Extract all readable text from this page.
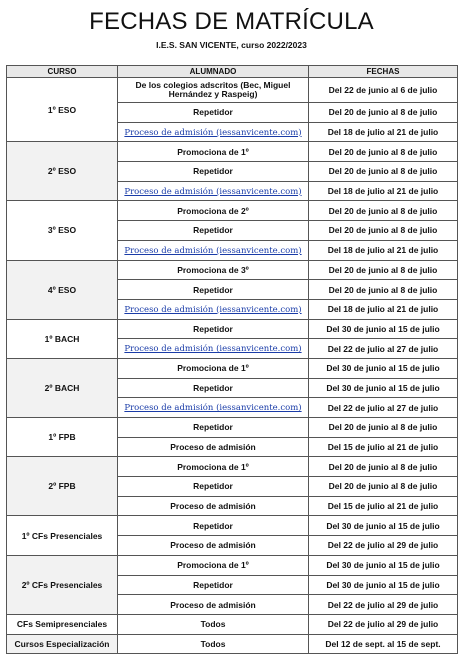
FECHAS DE MATRÍCULA
I.E.S. SAN VICENTE, curso 2022/2023
CURSO	ALUMNADO	FECHAS
1º ESO	De los colegios adscritos (Bec, Miguel Hernández y Raspeig)	Del 22 de junio al 6 de julio
	Repetidor	Del 20 de junio al 8 de julio
	Proceso de admisión (iessanvicente.com)	Del 18 de julio al 21 de julio
2º ESO	Promociona de 1º	Del 20 de junio al 8 de julio
	Repetidor	Del 20 de junio al 8 de julio
	Proceso de admisión (iessanvicente.com)	Del 18 de julio al 21 de julio
3º ESO	Promociona de 2º	Del 20 de junio al 8 de julio
	Repetidor	Del 20 de junio al 8 de julio
	Proceso de admisión (iessanvicente.com)	Del 18 de julio al 21 de julio
4º ESO	Promociona de 3º	Del 20 de junio al 8 de julio
	Repetidor	Del 20 de junio al 8 de julio
	Proceso de admisión (iessanvicente.com)	Del 18 de julio al 21 de julio
1º BACH	Repetidor	Del 30 de junio al 15 de julio
	Proceso de admisión (iessanvicente.com)	Del 22 de julio al 27 de julio
2º BACH	Promociona de 1º	Del 30 de junio al 15 de julio
	Repetidor	Del 30 de junio al 15 de julio
	Proceso de admisión (iessanvicente.com)	Del 22 de julio al 27 de julio
1º FPB	Repetidor	Del 20 de junio al 8 de julio
	Proceso de admisión	Del 15 de julio al 21 de julio
2º FPB	Promociona de 1º	Del 20 de junio al 8 de julio
	Repetidor	Del 20 de junio al 8 de julio
	Proceso de admisión	Del 15 de julio al 21 de julio
1º CFs Presenciales	Repetidor	Del 30 de junio al 15 de julio
	Proceso de admisión	Del 22 de julio al 29 de julio
2º CFs Presenciales	Promociona de 1º	Del 30 de junio al 15 de julio
	Repetidor	Del 30 de junio al 15 de julio
	Proceso de admisión	Del 22 de julio al 29 de julio
CFs Semipresenciales	Todos	Del 22 de julio al 29 de julio
Cursos Especialización	Todos	Del 12 de sept. al 15 de sept.
